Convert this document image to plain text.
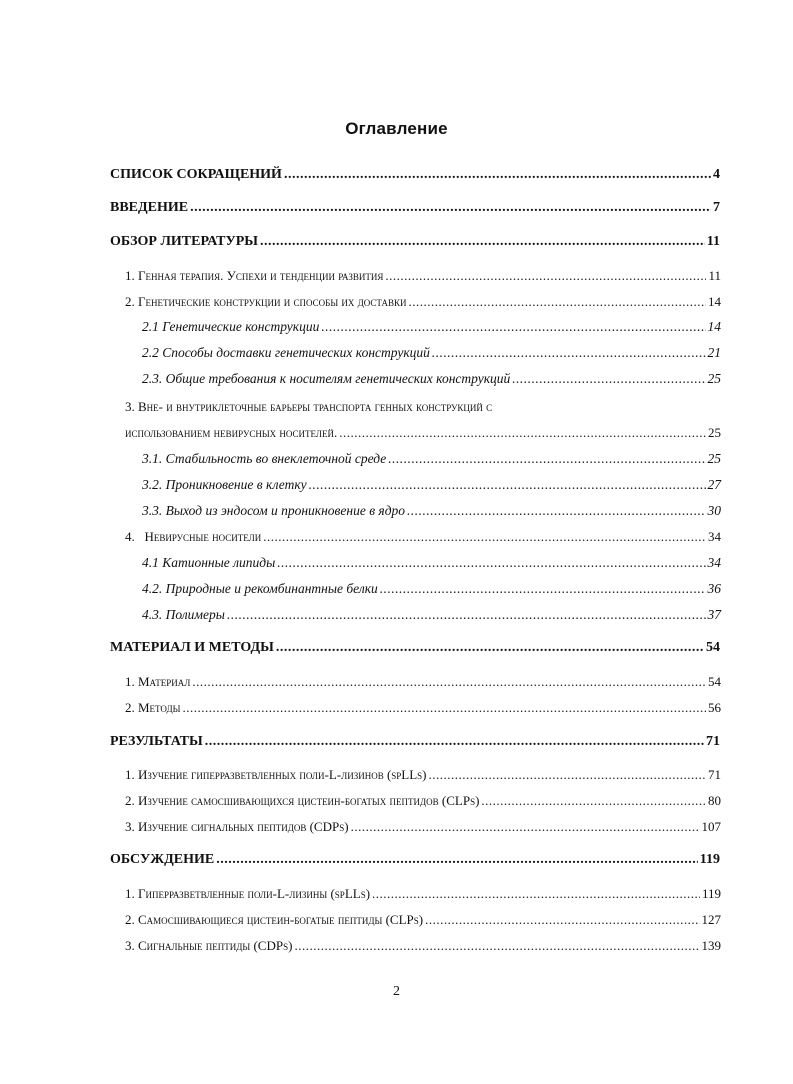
Оглавление
СПИСОК СОКРАЩЕНИЙ .....	4
ВВЕДЕНИЕ .....	7
ОБЗОР ЛИТЕРАТУРЫ .....	11
1. Генная терапия. Успехи и тенденции развития .....	11
2. Генетические конструкции и способы их доставки .....	14
2.1 Генетические конструкции .....	14
2.2 Способы доставки генетических конструкций .....	21
2.3. Общие требования к носителям генетических конструкций .....	25
3. Вне- и внутриклеточные барьеры транспорта генных конструкций с
использованием невирусных носителей. .....	25
3.1. Стабильность во внеклеточной среде .....	25
3.2. Проникновение в клетку .....	27
3.3. Выход из эндосом и проникновение в ядро .....	30
4.   Невирусные носители .....	34
4.1 Катионные липиды .....	34
4.2. Природные и рекомбинантные белки .....	36
4.3. Полимеры .....	37
МАТЕРИАЛ И МЕТОДЫ .....	54
1. Материал .....	54
2. Методы .....	56
РЕЗУЛЬТАТЫ .....	71
1. Изучение гиперразветвленных поли-L-лизинов (spLLs) .....	71
2. Изучение самосшивающихся цистеин-богатых пептидов (CLPs) .....	80
3. Изучение сигнальных пептидов (CDPs) .....	107
ОБСУЖДЕНИЕ .....	119
1. Гиперразветвленные поли-L-лизины (spLLs) .....	119
2. Самосшивающиеся цистеин-богатые пептиды (CLPs) .....	127
3. Сигнальные пептиды (CDPs) .....	139
2
